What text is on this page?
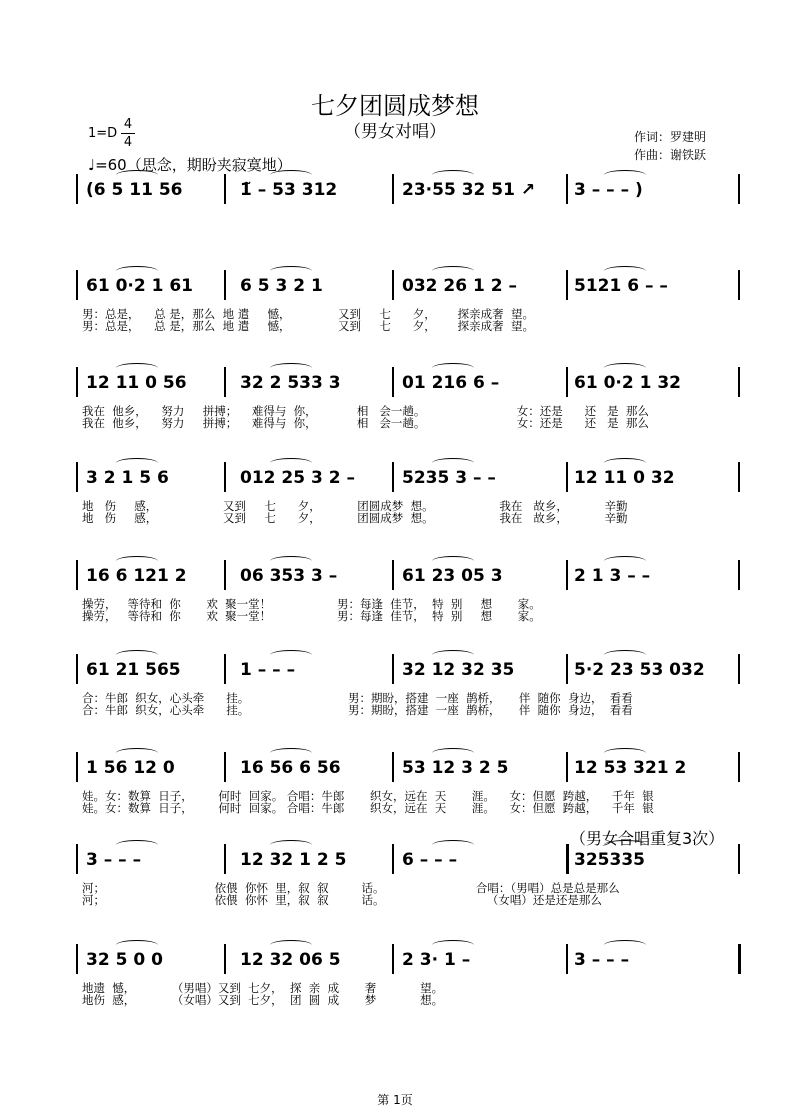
七夕团圆成梦想
（男女对唱）
1=D
4
4
♩=60（思念，期盼夹寂寞地）
作词：罗建明
作曲：谢铁跃
(6 5 11 56	1̃ – 53 312	23·55 32 51 ↗ 3 – – – )
61 0·2 1 61	6 5 3 2 1	032 26 1 2 –	5121 6 – –
男：总是，    总 是，那么  地 遣     憾，             又到     七      夕，      探亲成奢  望。
男：总是，    总 是，那么  地 遣     憾，             又到     七      夕，      探亲成奢  望。
12 11 0 56	32 2 533 3	01 216 6 –	61 0·2 1 32
我在  他乡，    努力     拼搏；    难得与  你，           相   会一趟。                         女：还是      还   是  那么
我在  他乡，    努力     拼搏；    难得与  你，           相   会一趟。                         女：还是      还   是  那么
3 2 1 5 6	012 25 3 2 –	5235 3 – –	12 11 0 32
地   伤     感，                  又到     七      夕，          团圆成梦  想。                  我在   故乡，          辛勤
地   伤     感，                  又到     七      夕，          团圆成梦  想。                  我在   故乡，          辛勤
16 6 121 2	06 353 3 –	61 23 05 3	2 1 3 – –
操劳，   等待和  你       欢  聚一堂！                  男：每逢  佳节，  特  别     想       家。
操劳，   等待和  你       欢  聚一堂！                  男：每逢  佳节，  特  别     想       家。
61 21 565	1 – – –	32 12 32 35	5·2 23 53 032
合：牛郎  织女，心头牵      挂。                           男：期盼，搭建  一座  鹊桥，     伴  随你  身边，  看看
合：牛郎  织女，心头牵      挂。                           男：期盼，搭建  一座  鹊桥，     伴  随你  身边，  看看
1 56 12 0	16 56 6 56	53 12 3 2 5	12 53 321 2
娃。女：数算  日子，       何时  回家。 合唱：牛郎       织女，远在  天       涯。    女：但愿  跨越，    千年  银
娃。女：数算  日子，       何时  回家。 合唱：牛郎       织女，远在  天       涯。    女：但愿  跨越，    千年  银
3 – – –	12 32 1 2 5	6 – – –	325335
河；                              依偎  你怀  里，叙  叙         话。                         合唱：（男唱）总是总是那么
河；                              依偎  你怀  里，叙  叙         话。                            （女唱）还是还是那么
32 5 0 0	12 32 06 5	2 3· 1 –	3 – – –
地遗  憾，          （男唱）又到  七夕，  探  亲  成       奢            望。
地伤  感，          （女唱）又到  七夕，  团  圆  成       梦            想。
（男女合唱重复3次）
第 1页
